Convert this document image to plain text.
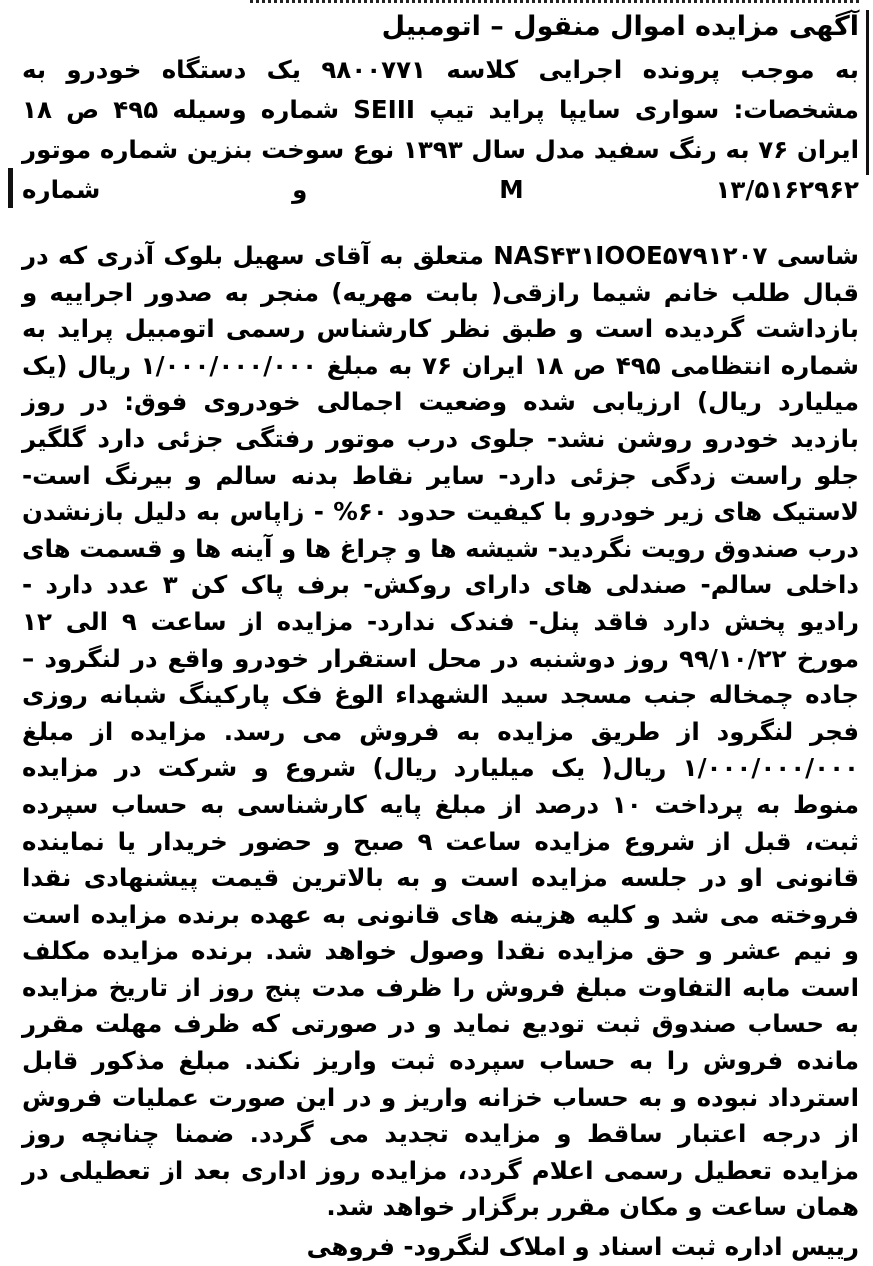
آگهی مزایده اموال منقول – اتومبیل

به موجب پرونده اجرایی کلاسه ۹۸۰۰۷۷۱ یک دستگاه خودرو به مشخصات: سواری سایپا پراید تیپ SEIII شماره وسیله ۴۹۵ ص ۱۸ ایران ۷۶ به رنگ سفید مدل سال ۱۳۹۳ نوع سوخت بنزین شماره موتور M ۱۳/۵۱۶۲۹۶۲ و شماره

شاسی NAS۴۳۱IOOE۵۷۹۱۲۰۷ متعلق به آقای سهیل بلوک آذری که در قبال طلب خانم شیما رازقی( بابت مهریه) منجر به صدور اجراییه و بازداشت گردیده است و طبق نظر کارشناس رسمی اتومبیل پراید به شماره انتظامی ۴۹۵ ص ۱۸ ایران ۷۶ به مبلغ ۱/۰۰۰/۰۰۰/۰۰۰ ریال (یک میلیارد ریال) ارزیابی شده وضعیت اجمالی خودروی فوق: در روز بازدید خودرو روشن نشد- جلوی درب موتور رفتگی جزئی دارد گلگیر جلو راست زدگی جزئی دارد- سایر نقاط بدنه سالم و بیرنگ است- لاستیک های زیر خودرو با کیفیت حدود ۶۰% - زاپاس به دلیل بازنشدن درب صندوق رویت نگردید- شیشه ها و چراغ ها و آینه ها و قسمت های داخلی سالم- صندلی های دارای روکش- برف پاک کن ۳ عدد دارد - رادیو پخش دارد فاقد پنل- فندک ندارد- مزایده از ساعت ۹ الی ۱۲ مورخ ۹۹/۱۰/۲۲ روز دوشنبه در محل استقرار خودرو واقع در لنگرود – جاده چمخاله جنب مسجد سید الشهداء الوغ فک پارکینگ شبانه روزی فجر لنگرود از طریق مزایده به فروش می رسد. مزایده از مبلغ ۱/۰۰۰/۰۰۰/۰۰۰ ریال( یک میلیارد ریال) شروع و شرکت در مزایده منوط به پرداخت ۱۰ درصد از مبلغ پایه کارشناسی به حساب سپرده ثبت، قبل از شروع مزایده ساعت ۹ صبح و حضور خریدار یا نماینده قانونی او در جلسه مزایده است و به بالاترین قیمت پیشنهادی نقدا فروخته می شد و کلیه هزینه های قانونی به عهده برنده مزایده است و نیم عشر و حق مزایده نقدا وصول خواهد شد. برنده مزایده مکلف است مابه التفاوت مبلغ فروش را ظرف مدت پنج روز از تاریخ مزایده به حساب صندوق ثبت تودیع نماید و در صورتی که ظرف مهلت مقرر مانده فروش را به حساب سپرده ثبت واریز نکند. مبلغ مذکور قابل استرداد نبوده و به حساب خزانه واریز و در این صورت عملیات فروش از درجه اعتبار ساقط و مزایده تجدید می گردد. ضمنا چنانچه روز مزایده تعطیل رسمی اعلام گردد، مزایده روز اداری بعد از تعطیلی در همان ساعت و مکان مقرر برگزار خواهد شد.

رییس اداره ثبت اسناد و املاک لنگرود- فروهی
